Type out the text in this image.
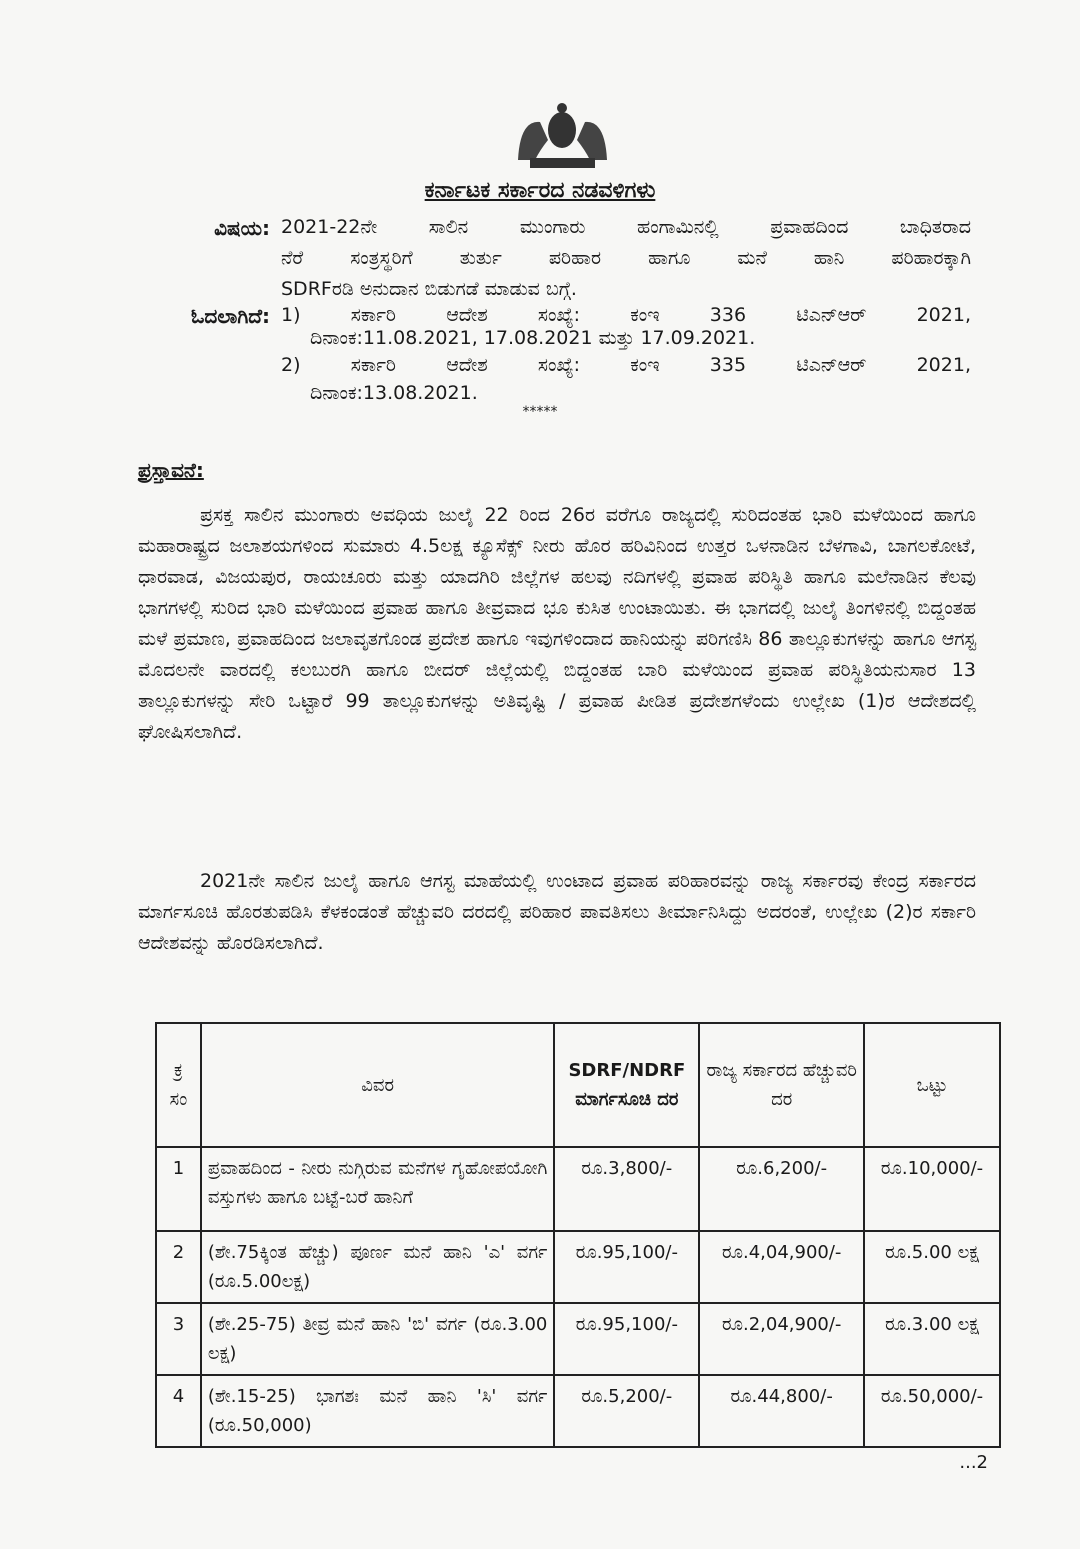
ಕರ್ನಾಟಕ ಸರ್ಕಾರದ ನಡವಳಿಗಳು
ವಿಷಯ: 2021-22ನೇ ಸಾಲಿನ ಮುಂಗಾರು ಹಂಗಾಮಿನಲ್ಲಿ ಪ್ರವಾಹದಿಂದ ಬಾಧಿತರಾದ
ನೆರೆ ಸಂತ್ರಸ್ಥರಿಗೆ ತುರ್ತು ಪರಿಹಾರ ಹಾಗೂ ಮನೆ ಹಾನಿ ಪರಿಹಾರಕ್ಕಾಗಿ
SDRFರಡಿ ಅನುದಾನ ಬಿಡುಗಡೆ ಮಾಡುವ ಬಗ್ಗೆ.
ಓದಲಾಗಿದೆ: 1) ಸರ್ಕಾರಿ ಆದೇಶ ಸಂಖ್ಯೆ: ಕಂಇ 336 ಟಿಎನ್‌ಆರ್ 2021,
ದಿನಾಂಕ:11.08.2021, 17.08.2021 ಮತ್ತು 17.09.2021.
2) ಸರ್ಕಾರಿ ಆದೇಶ ಸಂಖ್ಯೆ: ಕಂಇ 335 ಟಿಎನ್‌ಆರ್ 2021,
ದಿನಾಂಕ:13.08.2021.
*****
ಪ್ರಸ್ತಾವನೆ:
ಪ್ರಸಕ್ತ ಸಾಲಿನ ಮುಂಗಾರು ಅವಧಿಯ ಜುಲೈ 22 ರಿಂದ 26ರ ವರೆಗೂ ರಾಜ್ಯದಲ್ಲಿ ಸುರಿದಂತಹ ಭಾರಿ ಮಳೆಯಿಂದ ಹಾಗೂ ಮಹಾರಾಷ್ಟ್ರದ ಜಲಾಶಯಗಳಿಂದ ಸುಮಾರು 4.5ಲಕ್ಷ ಕ್ಯೂಸೆಕ್ಸ್ ನೀರು ಹೊರ ಹರಿವಿನಿಂದ ಉತ್ತರ ಒಳನಾಡಿನ ಬೆಳಗಾವಿ, ಬಾಗಲಕೋಟೆ, ಧಾರವಾಡ, ವಿಜಯಪುರ, ರಾಯಚೂರು ಮತ್ತು ಯಾದಗಿರಿ ಜಿಲ್ಲೆಗಳ ಹಲವು ನದಿಗಳಲ್ಲಿ ಪ್ರವಾಹ ಪರಿಸ್ಥಿತಿ ಹಾಗೂ ಮಲೆನಾಡಿನ ಕೆಲವು ಭಾಗಗಳಲ್ಲಿ ಸುರಿದ ಭಾರಿ ಮಳೆಯಿಂದ ಪ್ರವಾಹ ಹಾಗೂ ತೀವ್ರವಾದ ಭೂ ಕುಸಿತ ಉಂಟಾಯಿತು. ಈ ಭಾಗದಲ್ಲಿ ಜುಲೈ ತಿಂಗಳಿನಲ್ಲಿ ಬಿದ್ದಂತಹ ಮಳೆ ಪ್ರಮಾಣ, ಪ್ರವಾಹದಿಂದ ಜಲಾವೃತಗೊಂಡ ಪ್ರದೇಶ ಹಾಗೂ ಇವುಗಳಿಂದಾದ ಹಾನಿಯನ್ನು ಪರಿಗಣಿಸಿ 86 ತಾಲ್ಲೂಕುಗಳನ್ನು ಹಾಗೂ ಆಗಸ್ಟ ಮೊದಲನೇ ವಾರದಲ್ಲಿ ಕಲಬುರಗಿ ಹಾಗೂ ಬೀದರ್ ಜಿಲ್ಲೆಯಲ್ಲಿ ಬಿದ್ದಂತಹ ಬಾರಿ ಮಳೆಯಿಂದ ಪ್ರವಾಹ ಪರಿಸ್ಥಿತಿಯನುಸಾರ 13 ತಾಲ್ಲೂಕುಗಳನ್ನು ಸೇರಿ ಒಟ್ಟಾರೆ 99 ತಾಲ್ಲೂಕುಗಳನ್ನು ಅತಿವೃಷ್ಟಿ / ಪ್ರವಾಹ ಪೀಡಿತ ಪ್ರದೇಶಗಳೆಂದು ಉಲ್ಲೇಖ (1)ರ ಆದೇಶದಲ್ಲಿ ಘೋಷಿಸಲಾಗಿದೆ.
2021ನೇ ಸಾಲಿನ ಜುಲೈ ಹಾಗೂ ಆಗಸ್ಟ ಮಾಹೆಯಲ್ಲಿ ಉಂಟಾದ ಪ್ರವಾಹ ಪರಿಹಾರವನ್ನು ರಾಜ್ಯ ಸರ್ಕಾರವು ಕೇಂದ್ರ ಸರ್ಕಾರದ ಮಾರ್ಗಸೂಚಿ ಹೊರತುಪಡಿಸಿ ಕೆಳಕಂಡಂತೆ ಹೆಚ್ಚುವರಿ ದರದಲ್ಲಿ ಪರಿಹಾರ ಪಾವತಿಸಲು ತೀರ್ಮಾನಿಸಿದ್ದು ಅದರಂತೆ, ಉಲ್ಲೇಖ (2)ರ ಸರ್ಕಾರಿ ಆದೇಶವನ್ನು ಹೊರಡಿಸಲಾಗಿದೆ.
ಕ್ರ ಸಂ	ವಿವರ	SDRF/NDRF ಮಾರ್ಗಸೂಚಿ ದರ	ರಾಜ್ಯ ಸರ್ಕಾರದ ಹೆಚ್ಚುವರಿ ದರ	ಒಟ್ಟು
1	ಪ್ರವಾಹದಿಂದ - ನೀರು ನುಗ್ಗಿರುವ ಮನೆಗಳ ಗೃಹೋಪಯೋಗಿ ವಸ್ತುಗಳು ಹಾಗೂ ಬಟ್ಟೆ-ಬರೆ ಹಾನಿಗೆ	ರೂ.3,800/-	ರೂ.6,200/-	ರೂ.10,000/-
2	(ಶೇ.75ಕ್ಕಿಂತ ಹೆಚ್ಚು) ಪೂರ್ಣ ಮನೆ ಹಾನಿ 'ಎ' ವರ್ಗ (ರೂ.5.00ಲಕ್ಷ)	ರೂ.95,100/-	ರೂ.4,04,900/-	ರೂ.5.00 ಲಕ್ಷ
3	(ಶೇ.25-75) ತೀವ್ರ ಮನೆ ಹಾನಿ 'ಬಿ' ವರ್ಗ (ರೂ.3.00 ಲಕ್ಷ)	ರೂ.95,100/-	ರೂ.2,04,900/-	ರೂ.3.00 ಲಕ್ಷ
4	(ಶೇ.15-25) ಭಾಗಶಃ ಮನೆ ಹಾನಿ 'ಸಿ' ವರ್ಗ (ರೂ.50,000)	ರೂ.5,200/-	ರೂ.44,800/-	ರೂ.50,000/-
...2
